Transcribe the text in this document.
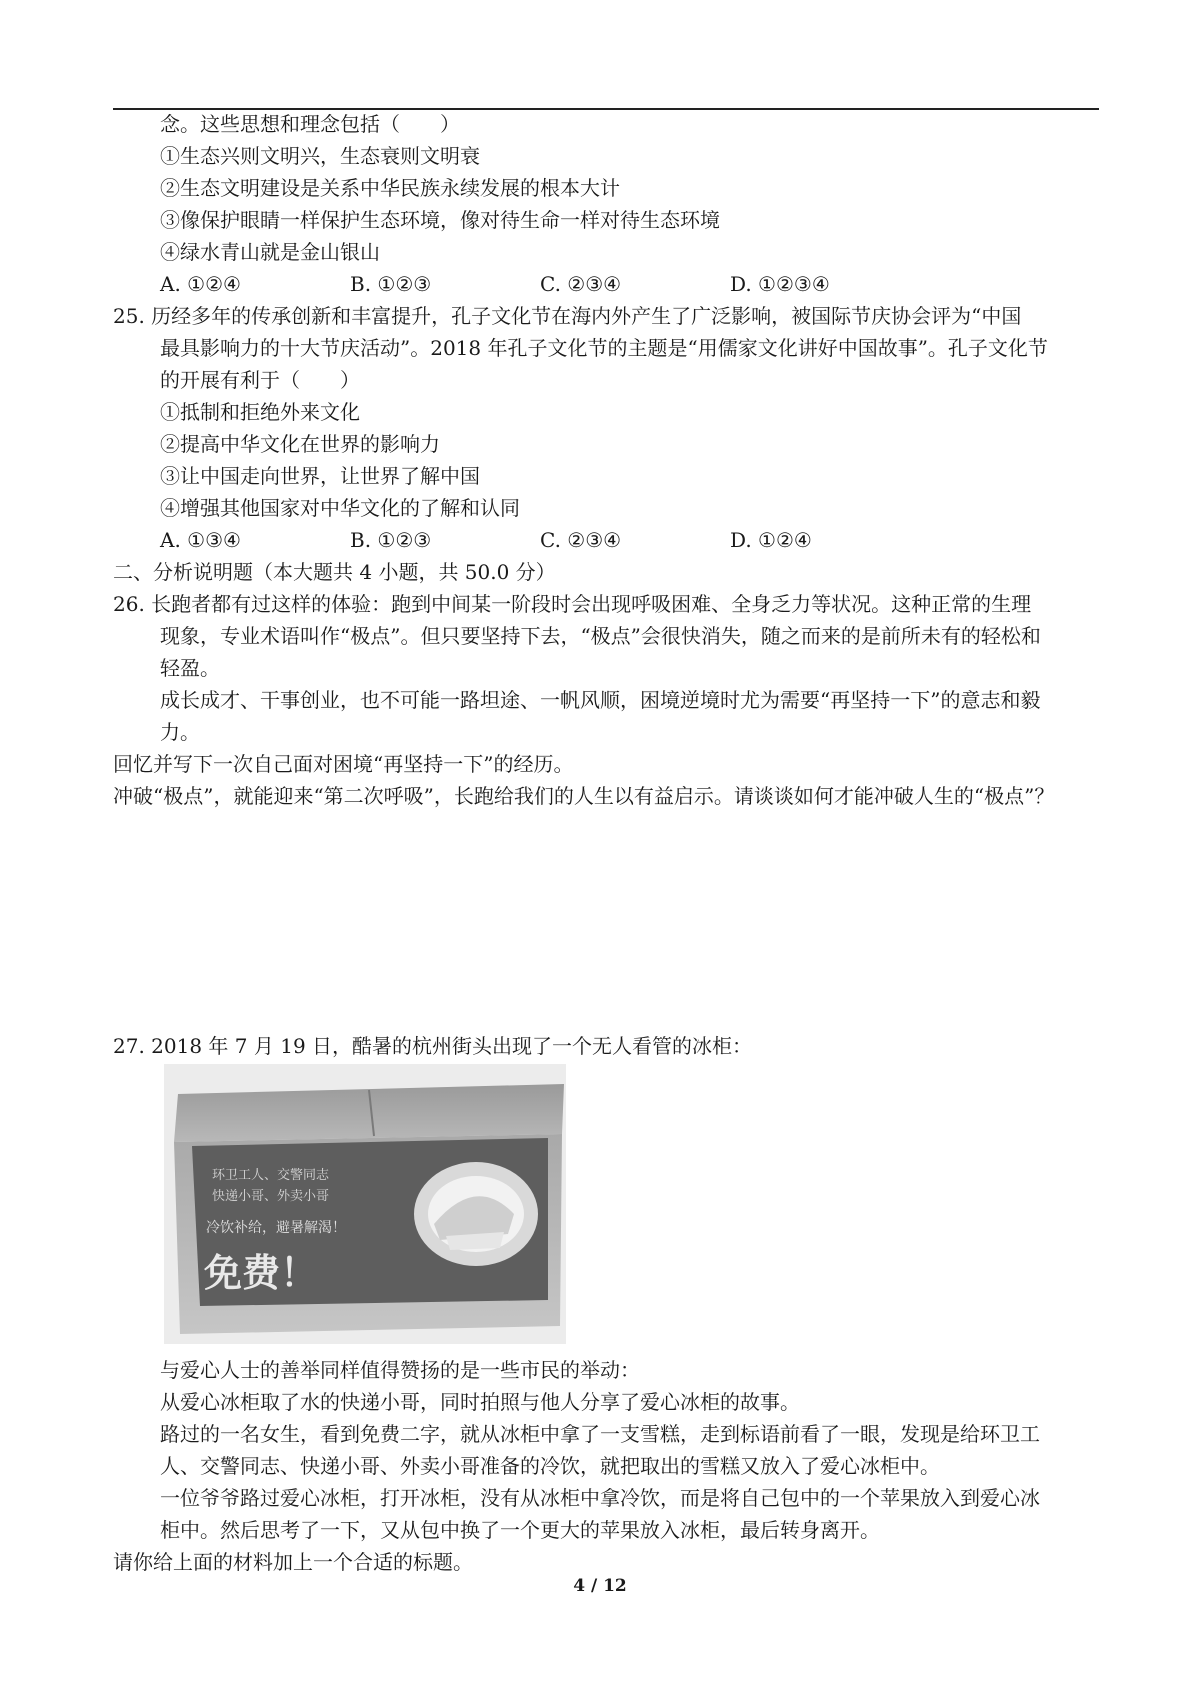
念。这些思想和理念包括（　　）
①生态兴则文明兴，生态衰则文明衰
②生态文明建设是关系中华民族永续发展的根本大计
③像保护眼睛一样保护生态环境，像对待生命一样对待生态环境
④绿水青山就是金山银山
A. ①②④	B. ①②③	C. ②③④	D. ①②③④
25. 历经多年的传承创新和丰富提升，孔子文化节在海内外产生了广泛影响，被国际节庆协会评为“中国
最具影响力的十大节庆活动”。2018 年孔子文化节的主题是“用儒家文化讲好中国故事”。孔子文化节
的开展有利于（　　）
①抵制和拒绝外来文化
②提高中华文化在世界的影响力
③让中国走向世界，让世界了解中国
④增强其他国家对中华文化的了解和认同
A. ①③④	B. ①②③	C. ②③④	D. ①②④
二、分析说明题（本大题共 4 小题，共 50.0 分）
26. 长跑者都有过这样的体验：跑到中间某一阶段时会出现呼吸困难、全身乏力等状况。这种正常的生理
现象，专业术语叫作“极点”。但只要坚持下去，“极点”会很快消失，随之而来的是前所未有的轻松和
轻盈。
成长成才、干事创业，也不可能一路坦途、一帆风顺，困境逆境时尤为需要“再坚持一下”的意志和毅
力。
回忆并写下一次自己面对困境“再坚持一下”的经历。
冲破“极点”，就能迎来“第二次呼吸”，长跑给我们的人生以有益启示。请谈谈如何才能冲破人生的“极点”？
27. 2018 年 7 月 19 日，酷暑的杭州街头出现了一个无人看管的冰柜：
环卫工人、交警同志
快递小哥、外卖小哥
冷饮补给，避暑解渴！
免费！
与爱心人士的善举同样值得赞扬的是一些市民的举动：
从爱心冰柜取了水的快递小哥，同时拍照与他人分享了爱心冰柜的故事。
路过的一名女生，看到免费二字，就从冰柜中拿了一支雪糕，走到标语前看了一眼，发现是给环卫工
人、交警同志、快递小哥、外卖小哥准备的冷饮，就把取出的雪糕又放入了爱心冰柜中。
一位爷爷路过爱心冰柜，打开冰柜，没有从冰柜中拿冷饮，而是将自己包中的一个苹果放入到爱心冰
柜中。然后思考了一下，又从包中换了一个更大的苹果放入冰柜，最后转身离开。
请你给上面的材料加上一个合适的标题。
4 / 12
